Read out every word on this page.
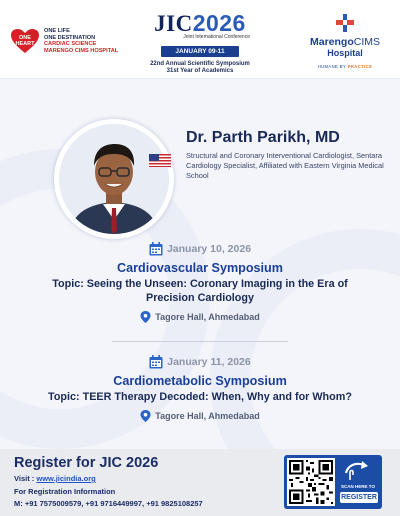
ONE HEART
ONE LIFE
ONE DESTINATION
CARDIAC SCIENCE
MARENGO CIMS HOSPITAL
JIC2026
Joint International Conference
JANUARY 09-11
22nd Annual Scientific Symposium
31st Year of Academics
MarengoCIMS
Hospital
HUMANE BY PRACTICE
Dr. Parth Parikh, MD
Structural and Coronary Interventional Cardiologist, Sentara Cardiology Specialist, Affiliated with Eastern Virginia Medical School
January 10, 2026
Cardiovascular Symposium
Topic: Seeing the Unseen: Coronary Imaging in the Era of Precision Cardiology
Tagore Hall, Ahmedabad
January 11, 2026
Cardiometabolic Symposium
Topic: TEER Therapy Decoded: When, Why and for Whom?
Tagore Hall, Ahmedabad
Register for JIC 2026
Visit : www.jicindia.org
For Registration Information
M: +91 7575009579, +91 9716449997, +91 9825108257
SCAN HERE TO
REGISTER
